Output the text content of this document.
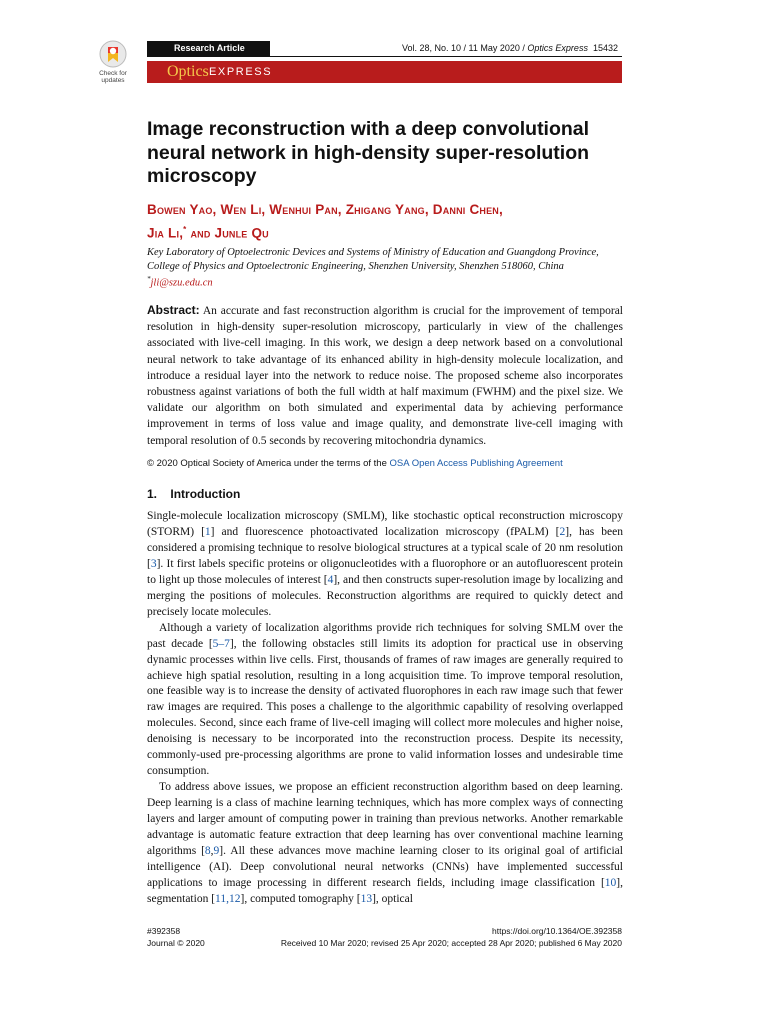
Check for
updates
Research Article	Vol. 28, No. 10 / 11 May 2020 / Optics Express 15432
Optics EXPRESS
Image reconstruction with a deep convolutional neural network in high-density super-resolution microscopy
Bowen Yao, Wen Li, Wenhui Pan, Zhigang Yang, Danni Chen,
Jia Li,* and Junle Qu
Key Laboratory of Optoelectronic Devices and Systems of Ministry of Education and Guangdong Province,
College of Physics and Optoelectronic Engineering, Shenzhen University, Shenzhen 518060, China
*jli@szu.edu.cn
Abstract: An accurate and fast reconstruction algorithm is crucial for the improvement of temporal resolution in high-density super-resolution microscopy, particularly in view of the challenges associated with live-cell imaging. In this work, we design a deep network based on a convolutional neural network to take advantage of its enhanced ability in high-density molecule localization, and introduce a residual layer into the network to reduce noise. The proposed scheme also incorporates robustness against variations of both the full width at half maximum (FWHM) and the pixel size. We validate our algorithm on both simulated and experimental data by achieving performance improvement in terms of loss value and image quality, and demonstrate live-cell imaging with temporal resolution of 0.5 seconds by recovering mitochondria dynamics.
© 2020 Optical Society of America under the terms of the OSA Open Access Publishing Agreement
1. Introduction

Single-molecule localization microscopy (SMLM), like stochastic optical reconstruction microscopy (STORM) [1] and fluorescence photoactivated localization microscopy (fPALM) [2], has been considered a promising technique to resolve biological structures at a typical scale of 20 nm resolution [3]. It first labels specific proteins or oligonucleotides with a fluorophore or an autofluorescent protein to light up those molecules of interest [4], and then constructs super-resolution image by localizing and merging the positions of molecules. Reconstruction algorithms are required to quickly detect and precisely locate molecules.

Although a variety of localization algorithms provide rich techniques for solving SMLM over the past decade [5–7], the following obstacles still limits its adoption for practical use in observing dynamic processes within live cells. First, thousands of frames of raw images are generally required to achieve high spatial resolution, resulting in a long acquisition time. To improve temporal resolution, one feasible way is to increase the density of activated fluorophores in each raw image such that fewer raw images are required. This poses a challenge to the algorithmic capability of resolving overlapped molecules. Second, since each frame of live-cell imaging will collect more molecules and higher noise, denoising is necessary to be incorporated into the reconstruction process. Despite its necessity, commonly-used pre-processing algorithms are prone to valid information losses and undesirable time consumption.

To address above issues, we propose an efficient reconstruction algorithm based on deep learning. Deep learning is a class of machine learning techniques, which has more complex ways of connecting layers and larger amount of computing power in training than previous networks. Another remarkable advantage is automatic feature extraction that deep learning has over conventional machine learning algorithms [8,9]. All these advances move machine learning closer to its original goal of artificial intelligence (AI). Deep convolutional neural networks (CNNs) have implemented successful applications to image processing in different research fields, including image classification [10], segmentation [11,12], computed tomography [13], optical

#392358
Journal © 2020
https://doi.org/10.1364/OE.392358
Received 10 Mar 2020; revised 25 Apr 2020; accepted 28 Apr 2020; published 6 May 2020
